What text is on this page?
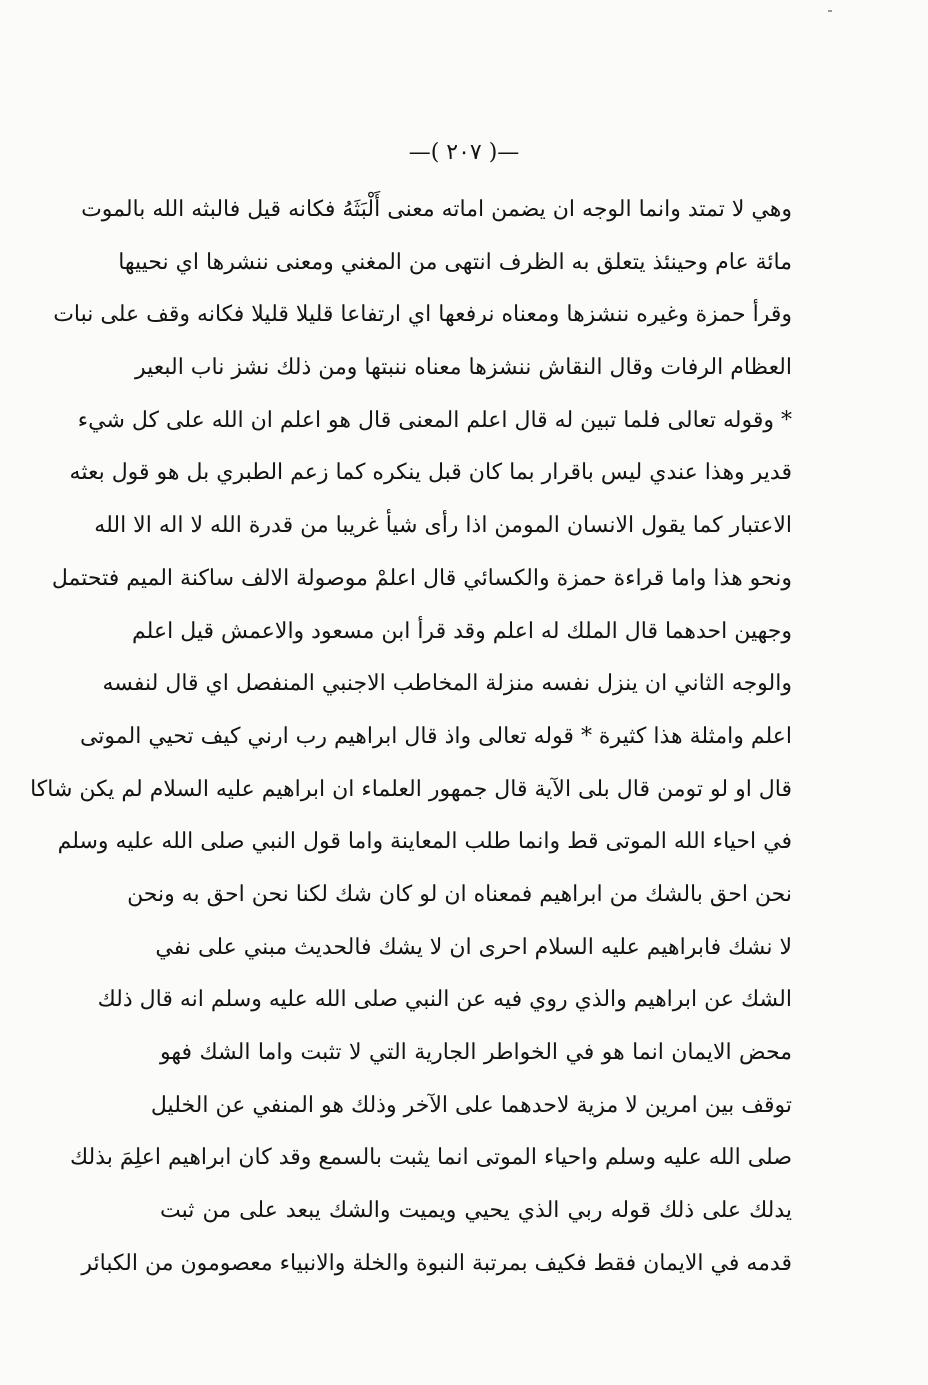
—( ٢٠٧ )—
وهي لا تمتد وانما الوجه ان يضمن اماته معنى أَلْبَثَهُ فكانه قيل فالبثه الله بالموت
مائة عام وحينئذ يتعلق به الظرف انتهى من المغني ومعنى ننشرها اي نحييها
وقرأ حمزة وغيره ننشزها ومعناه نرفعها اي ارتفاعا قليلا قليلا فكانه وقف على نبات
العظام الرفات وقال النقاش ننشزها معناه ننبتها ومن ذلك نشز ناب البعير
* وقوله تعالى فلما تبين له قال اعلم المعنى قال هو اعلم ان الله على كل شيء
قدير وهذا عندي ليس باقرار بما كان قبل ينكره كما زعم الطبري بل هو قول بعثه
الاعتبار كما يقول الانسان المومن اذا رأى شيأ غريبا من قدرة الله لا اله الا الله
ونحو هذا واما قراءة حمزة والكسائي قال اعلمْ موصولة الالف ساكنة الميم فتحتمل
وجهين احدهما قال الملك له اعلم وقد قرأ ابن مسعود والاعمش قيل اعلم
والوجه الثاني ان ينزل نفسه منزلة المخاطب الاجنبي المنفصل اي قال لنفسه
اعلم وامثلة هذا كثيرة * قوله تعالى واذ قال ابراهيم رب ارني كيف تحيي الموتى
قال او لو تومن قال بلى الآية قال جمهور العلماء ان ابراهيم عليه السلام لم يكن شاكا
في احياء الله الموتى قط وانما طلب المعاينة واما قول النبي صلى الله عليه وسلم
نحن احق بالشك من ابراهيم فمعناه ان لو كان شك لكنا نحن احق به ونحن
لا نشك فابراهيم عليه السلام احرى ان لا يشك فالحديث مبني على نفي
الشك عن ابراهيم والذي روي فيه عن النبي صلى الله عليه وسلم انه قال ذلك
محض الايمان انما هو في الخواطر الجارية التي لا تثبت واما الشك فهو
توقف بين امرين لا مزية لاحدهما على الآخر وذلك هو المنفي عن الخليل
صلى الله عليه وسلم واحياء الموتى انما يثبت بالسمع وقد كان ابراهيم اعلِمَ بذلك
يدلك على ذلك قوله ربي الذي يحيي ويميت والشك يبعد على من ثبت
قدمه في الايمان فقط فكيف بمرتبة النبوة والخلة والانبياء معصومون من الكبائر
